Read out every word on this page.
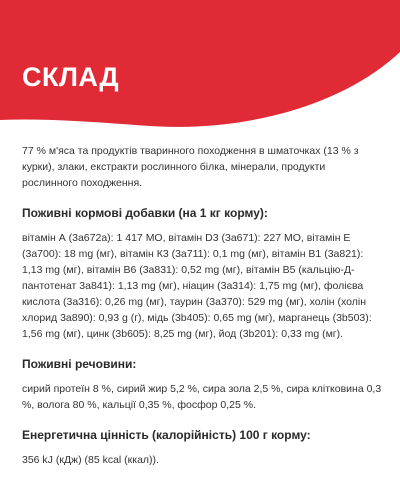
СКЛАД

77 % м'яса та продуктів тваринного походження в шматочках (13 % з курки), злаки, екстракти рослинного білка, мінерали, продукти рослинного походження.

Поживні кормові добавки (на 1 кг корму):

вітамін А (3а672а): 1 417 МО, вітамін D3 (3а671): 227 МО, вітамін Е (3а700): 18 mg (мг), вітамін К3 (3а711): 0,1 mg (мг), вітамін B1 (3а821): 1,13 mg (мг), вітамін B6 (3а831): 0,52 mg (мг), вітамін B5 (кальцію-Д-пантотенат 3а841): 1,13 mg (мг), ніацин (3а314): 1,75 mg (мг), фолієва кислота (3а316): 0,26 mg (мг), таурин (3а370): 529 mg (мг), холін (холін хлорид 3а890): 0,93 g (г), мідь (3b405): 0,65 mg (мг), марганець (3b503): 1,56 mg (мг), цинк (3b605): 8,25 mg (мг), йод (3b201): 0,33 mg (мг).

Поживні речовини:

сирий протеїн 8 %, сирий жир 5,2 %, сира зола 2,5 %, сира клітковина 0,3 %, волога 80 %, кальції 0,35 %, фосфор 0,25 %.

Енергетична цінність (калорійність) 100 г корму:

356 kJ (кДж) (85 kcal (ккал)).
